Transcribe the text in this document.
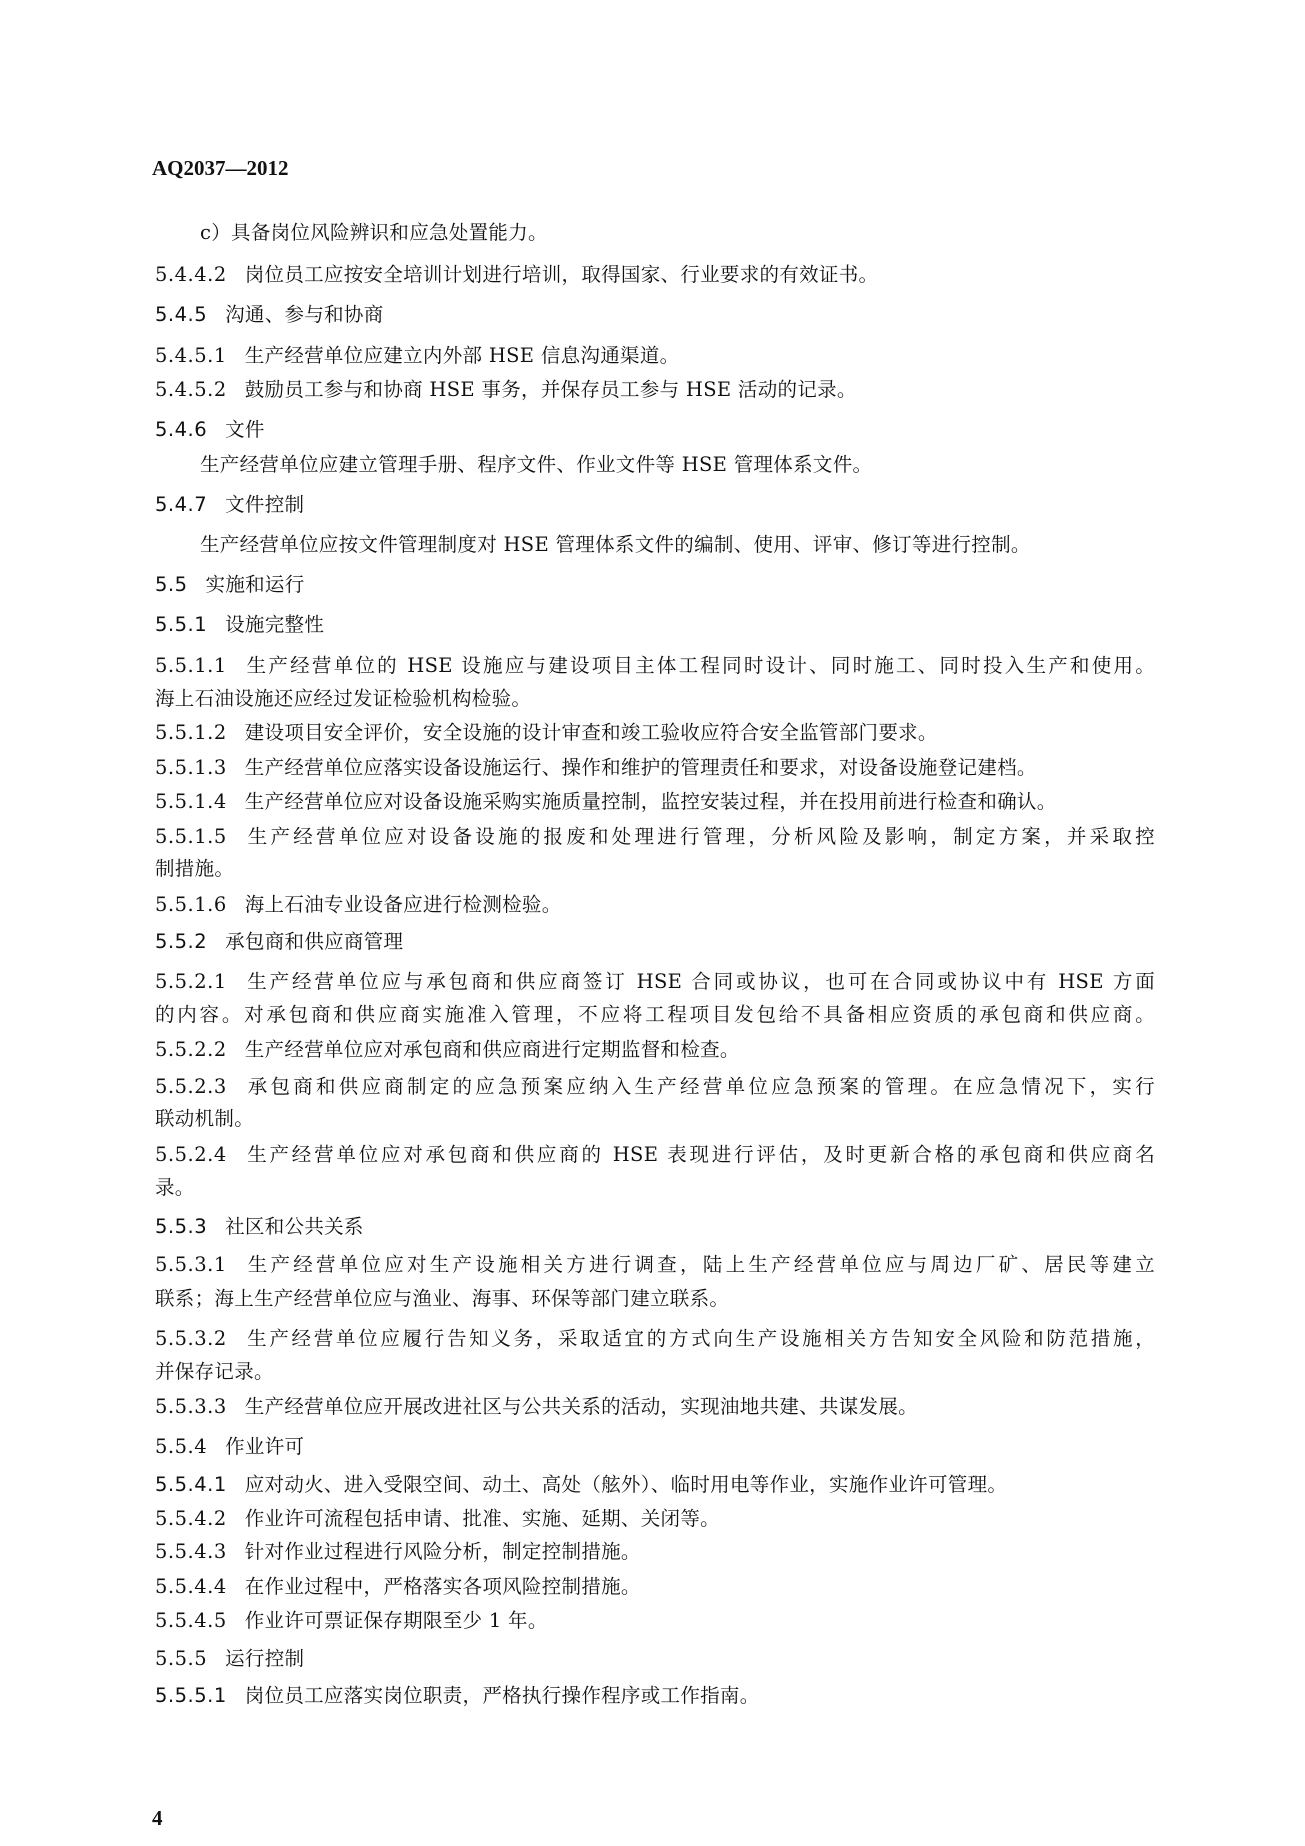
AQ2037—2012
c）具备岗位风险辨识和应急处置能力。
5.4.4.2 岗位员工应按安全培训计划进行培训，取得国家、行业要求的有效证书。
5.4.5 沟通、参与和协商
5.4.5.1 生产经营单位应建立内外部 HSE 信息沟通渠道。
5.4.5.2 鼓励员工参与和协商 HSE 事务，并保存员工参与 HSE 活动的记录。
5.4.6 文件
生产经营单位应建立管理手册、程序文件、作业文件等 HSE 管理体系文件。
5.4.7 文件控制
生产经营单位应按文件管理制度对 HSE 管理体系文件的编制、使用、评审、修订等进行控制。
5.5 实施和运行
5.5.1 设施完整性
5.5.1.1 生产经营单位的 HSE 设施应与建设项目主体工程同时设计、同时施工、同时投入生产和使用。
海上石油设施还应经过发证检验机构检验。
5.5.1.2 建设项目安全评价，安全设施的设计审查和竣工验收应符合安全监管部门要求。
5.5.1.3 生产经营单位应落实设备设施运行、操作和维护的管理责任和要求，对设备设施登记建档。
5.5.1.4 生产经营单位应对设备设施采购实施质量控制，监控安装过程，并在投用前进行检查和确认。
5.5.1.5 生产经营单位应对设备设施的报废和处理进行管理，分析风险及影响，制定方案，并采取控
制措施。
5.5.1.6 海上石油专业设备应进行检测检验。
5.5.2 承包商和供应商管理
5.5.2.1 生产经营单位应与承包商和供应商签订 HSE 合同或协议，也可在合同或协议中有 HSE 方面
的内容。对承包商和供应商实施准入管理，不应将工程项目发包给不具备相应资质的承包商和供应商。
5.5.2.2 生产经营单位应对承包商和供应商进行定期监督和检查。
5.5.2.3 承包商和供应商制定的应急预案应纳入生产经营单位应急预案的管理。在应急情况下，实行
联动机制。
5.5.2.4 生产经营单位应对承包商和供应商的 HSE 表现进行评估，及时更新合格的承包商和供应商名
录。
5.5.3 社区和公共关系
5.5.3.1 生产经营单位应对生产设施相关方进行调查，陆上生产经营单位应与周边厂矿、居民等建立
联系；海上生产经营单位应与渔业、海事、环保等部门建立联系。
5.5.3.2 生产经营单位应履行告知义务，采取适宜的方式向生产设施相关方告知安全风险和防范措施，
并保存记录。
5.5.3.3 生产经营单位应开展改进社区与公共关系的活动，实现油地共建、共谋发展。
5.5.4 作业许可
5.5.4.1 应对动火、进入受限空间、动土、高处（舷外）、临时用电等作业，实施作业许可管理。
5.5.4.2 作业许可流程包括申请、批准、实施、延期、关闭等。
5.5.4.3 针对作业过程进行风险分析，制定控制措施。
5.5.4.4 在作业过程中，严格落实各项风险控制措施。
5.5.4.5 作业许可票证保存期限至少 1 年。
5.5.5 运行控制
5.5.5.1 岗位员工应落实岗位职责，严格执行操作程序或工作指南。
4
